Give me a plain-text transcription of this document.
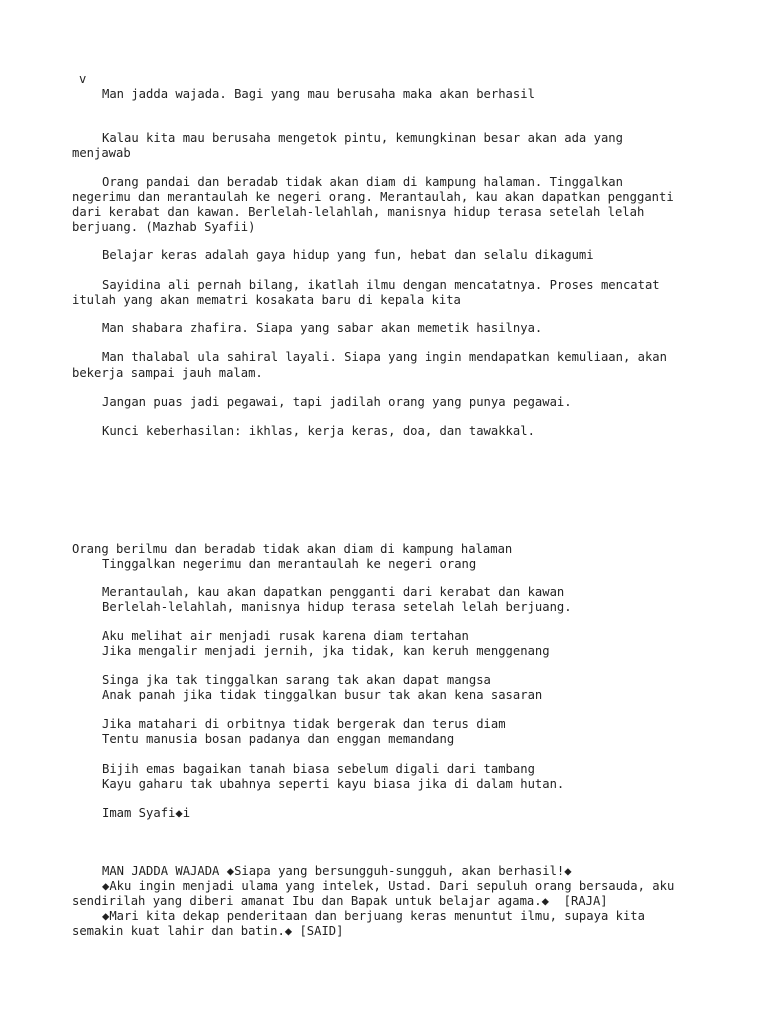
v
Man jadda wajada. Bagi yang mau berusaha maka akan berhasil
Kalau kita mau berusaha mengetok pintu, kemungkinan besar akan ada yang
menjawab
Orang pandai dan beradab tidak akan diam di kampung halaman. Tinggalkan
negerimu dan merantaulah ke negeri orang. Merantaulah, kau akan dapatkan pengganti
dari kerabat dan kawan. Berlelah-lelahlah, manisnya hidup terasa setelah lelah
berjuang. (Mazhab Syafii)
Belajar keras adalah gaya hidup yang fun, hebat dan selalu dikagumi
Sayidina ali pernah bilang, ikatlah ilmu dengan mencatatnya. Proses mencatat
itulah yang akan mematri kosakata baru di kepala kita
Man shabara zhafira. Siapa yang sabar akan memetik hasilnya.
Man thalabal ula sahiral layali. Siapa yang ingin mendapatkan kemuliaan, akan
bekerja sampai jauh malam.
Jangan puas jadi pegawai, tapi jadilah orang yang punya pegawai.
Kunci keberhasilan: ikhlas, kerja keras, doa, dan tawakkal.
Orang berilmu dan beradab tidak akan diam di kampung halaman
Tinggalkan negerimu dan merantaulah ke negeri orang
Merantaulah, kau akan dapatkan pengganti dari kerabat dan kawan
Berlelah-lelahlah, manisnya hidup terasa setelah lelah berjuang.
Aku melihat air menjadi rusak karena diam tertahan
Jika mengalir menjadi jernih, jka tidak, kan keruh menggenang
Singa jka tak tinggalkan sarang tak akan dapat mangsa
Anak panah jika tidak tinggalkan busur tak akan kena sasaran
Jika matahari di orbitnya tidak bergerak dan terus diam
Tentu manusia bosan padanya dan enggan memandang
Bijih emas bagaikan tanah biasa sebelum digali dari tambang
Kayu gaharu tak ubahnya seperti kayu biasa jika di dalam hutan.
Imam Syafi◆i
MAN JADDA WAJADA ◆Siapa yang bersungguh-sungguh, akan berhasil!◆
◆Aku ingin menjadi ulama yang intelek, Ustad. Dari sepuluh orang bersauda, aku
sendirilah yang diberi amanat Ibu dan Bapak untuk belajar agama.◆  [RAJA]
◆Mari kita dekap penderitaan dan berjuang keras menuntut ilmu, supaya kita
semakin kuat lahir dan batin.◆ [SAID]
